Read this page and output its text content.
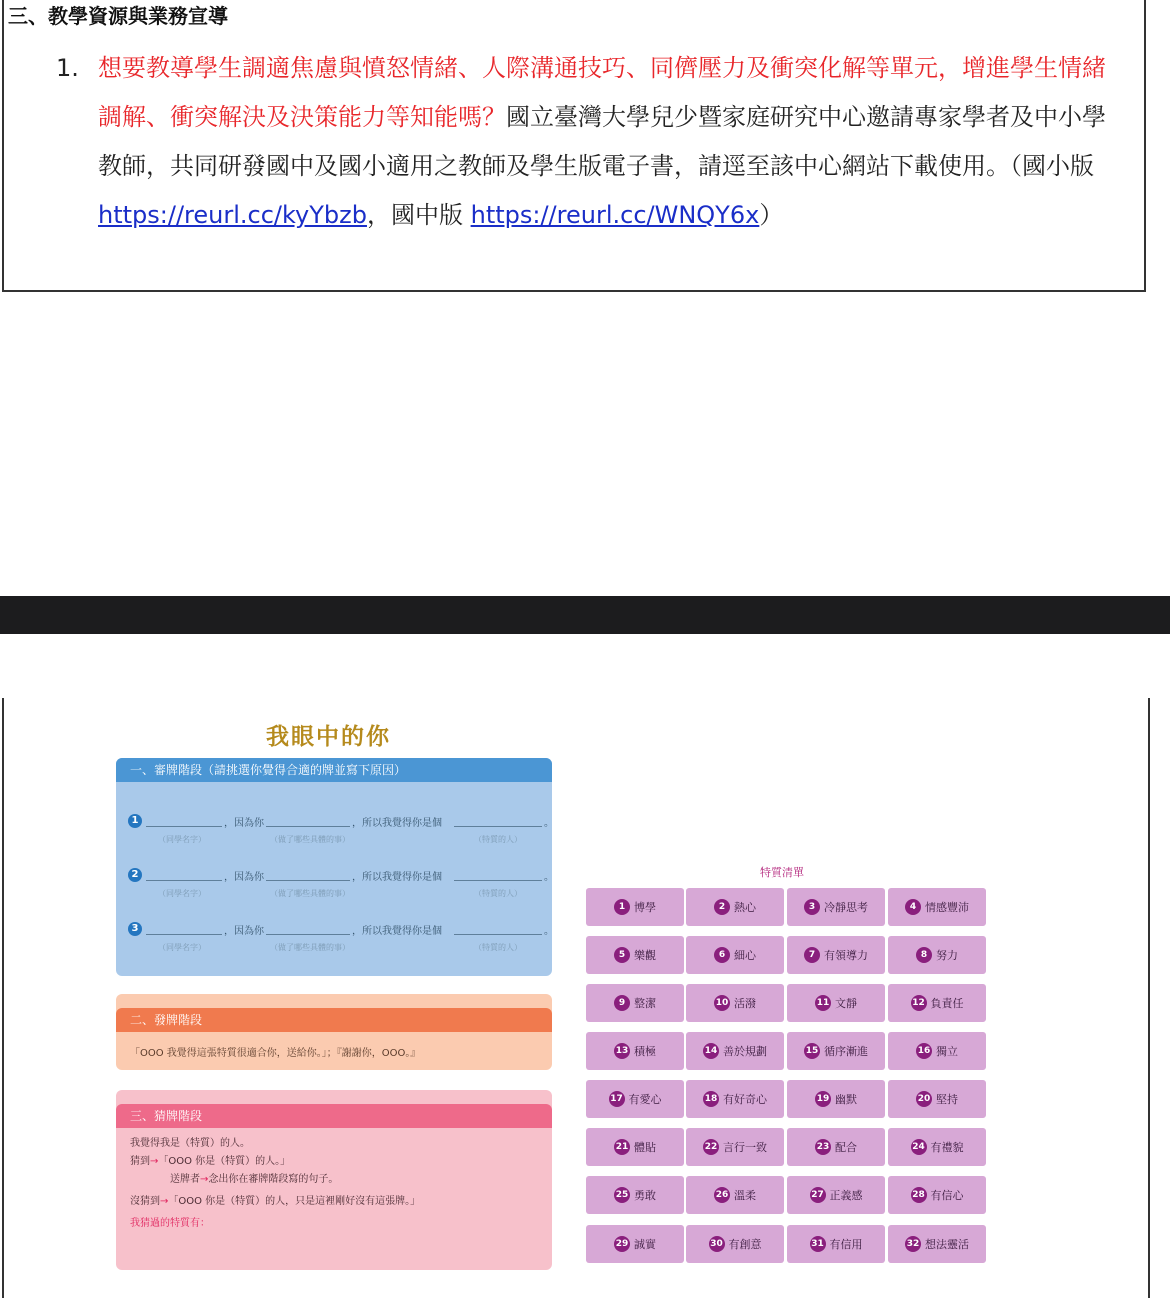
三、教學資源與業務宣導
1. 想要教導學生調適焦慮與憤怒情緒、人際溝通技巧、同儕壓力及衝突化解等單元，增進學生情緒調解、衝突解決及決策能力等知能嗎？國立臺灣大學兒少暨家庭研究中心邀請專家學者及中小學教師，共同研發國中及國小適用之教師及學生版電子書，請逕至該中心網站下載使用。（國小版 https://reurl.cc/kyYbzb，國中版 https://reurl.cc/WNQY6x）
我眼中的你
一、審牌階段（請挑選你覺得合適的牌並寫下原因）
1	，因為你	，所以我覺得你是個	。
（同學名字）	（做了哪些具體的事）	（特質的人）
2	，因為你	，所以我覺得你是個	。
（同學名字）	（做了哪些具體的事）	（特質的人）
3	，因為你	，所以我覺得你是個	。
（同學名字）	（做了哪些具體的事）	（特質的人）
二、發牌階段
「OOO 我覺得這張特質很適合你，送給你。」；『謝謝你，OOO。』
三、猜牌階段
我覺得我是（特質）的人。
猜到→「OOO 你是（特質）的人。」
送牌者→念出你在審牌階段寫的句子。
沒猜到→「OOO 你是（特質）的人，只是這裡剛好沒有這張牌。」
我猜過的特質有：
特質清單
1 博學	2 熱心	3 冷靜思考	4 情感豐沛
5 樂觀	6 細心	7 有領導力	8 努力
9 整潔	10 活潑	11 文靜	12 負責任
13 積極	14 善於規劃	15 循序漸進	16 獨立
17 有愛心	18 有好奇心	19 幽默	20 堅持
21 體貼	22 言行一致	23 配合	24 有禮貌
25 勇敢	26 溫柔	27 正義感	28 有信心
29 誠實	30 有創意	31 有信用	32 想法靈活
